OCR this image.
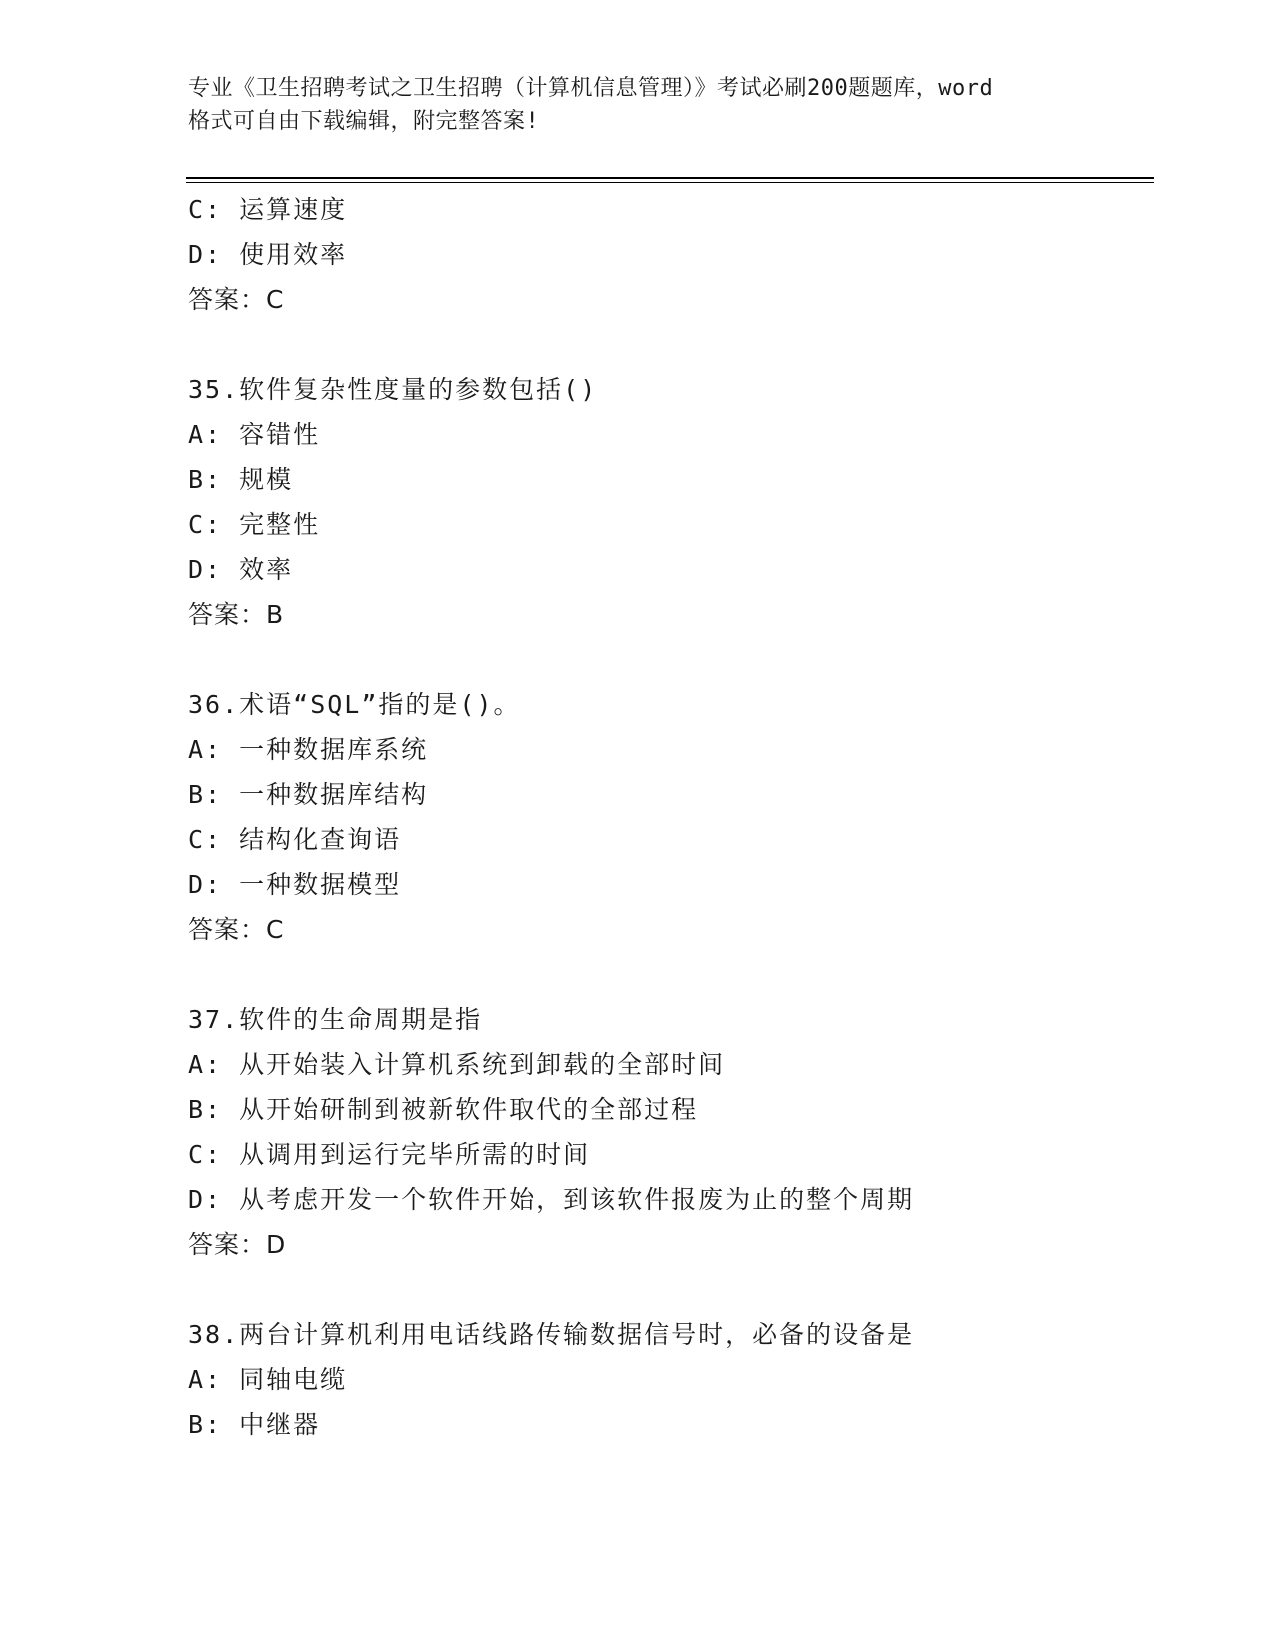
专业《卫生招聘考试之卫生招聘（计算机信息管理）》考试必刷200题题库，word
格式可自由下载编辑，附完整答案!
C: 运算速度
D: 使用效率
答案：C
35.软件复杂性度量的参数包括()
A: 容错性
B: 规模
C: 完整性
D: 效率
答案：B
36.术语“SQL”指的是()。
A: 一种数据库系统
B: 一种数据库结构
C: 结构化查询语
D: 一种数据模型
答案：C
37.软件的生命周期是指
A: 从开始装入计算机系统到卸载的全部时间
B: 从开始研制到被新软件取代的全部过程
C: 从调用到运行完毕所需的时间
D: 从考虑开发一个软件开始，到该软件报废为止的整个周期
答案：D
38.两台计算机利用电话线路传输数据信号时，必备的设备是
A: 同轴电缆
B: 中继器
